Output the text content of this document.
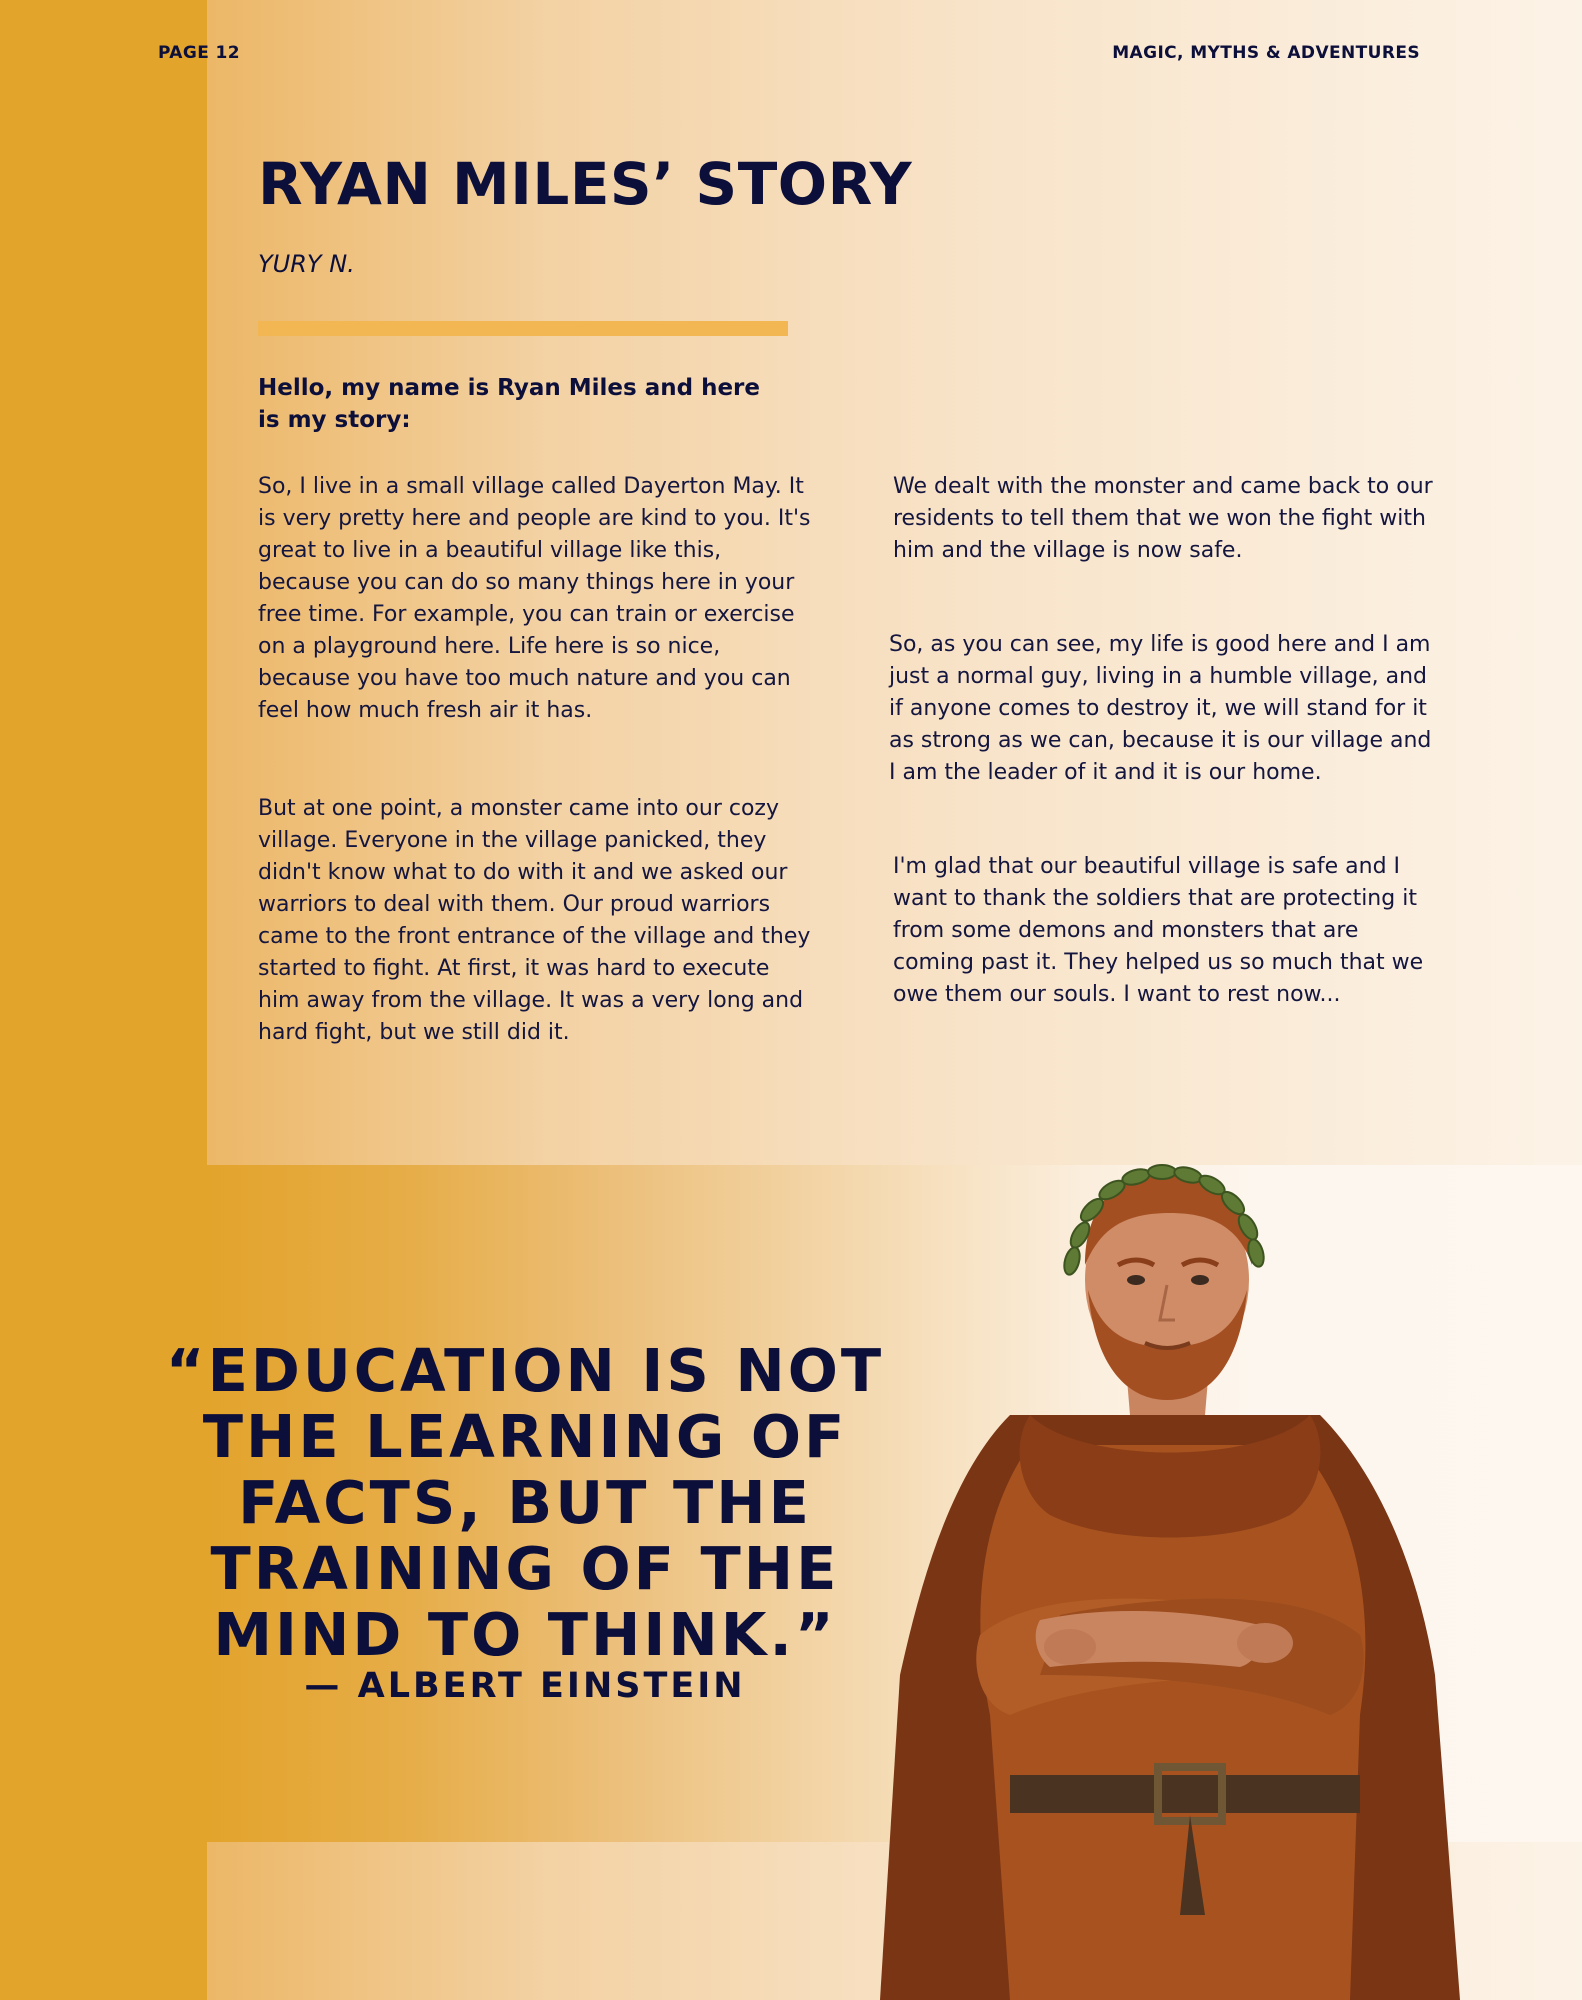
PAGE 12	MAGIC, MYTHS & ADVENTURES
RYAN MILES’ STORY
YURY N.
Hello, my name is Ryan Miles and here is my story:

So, I live in a small village called Dayerton May. It is very pretty here and people are kind to you. It's great to live in a beautiful village like this, because you can do so many things here in your free time. For example, you can train or exercise on a playground here. Life here is so nice, because you have too much nature and you can feel how much fresh air it has.

But at one point, a monster came into our cozy village. Everyone in the village panicked, they didn't know what to do with it and we asked our warriors to deal with them. Our proud warriors came to the front entrance of the village and they started to fight. At first, it was hard to execute him away from the village. It was a very long and hard fight, but we still did it.

We dealt with the monster and came back to our residents to tell them that we won the fight with him and the village is now safe.

So, as you can see, my life is good here and I am just a normal guy, living in a humble village, and if anyone comes to destroy it, we will stand for it as strong as we can, because it is our village and I am the leader of it and it is our home.

I'm glad that our beautiful village is safe and I want to thank the soldiers that are protecting it from some demons and monsters that are coming past it. They helped us so much that we owe them our souls. I want to rest now...

“EDUCATION IS NOT THE LEARNING OF FACTS, BUT THE TRAINING OF THE MIND TO THINK.”
— ALBERT EINSTEIN
